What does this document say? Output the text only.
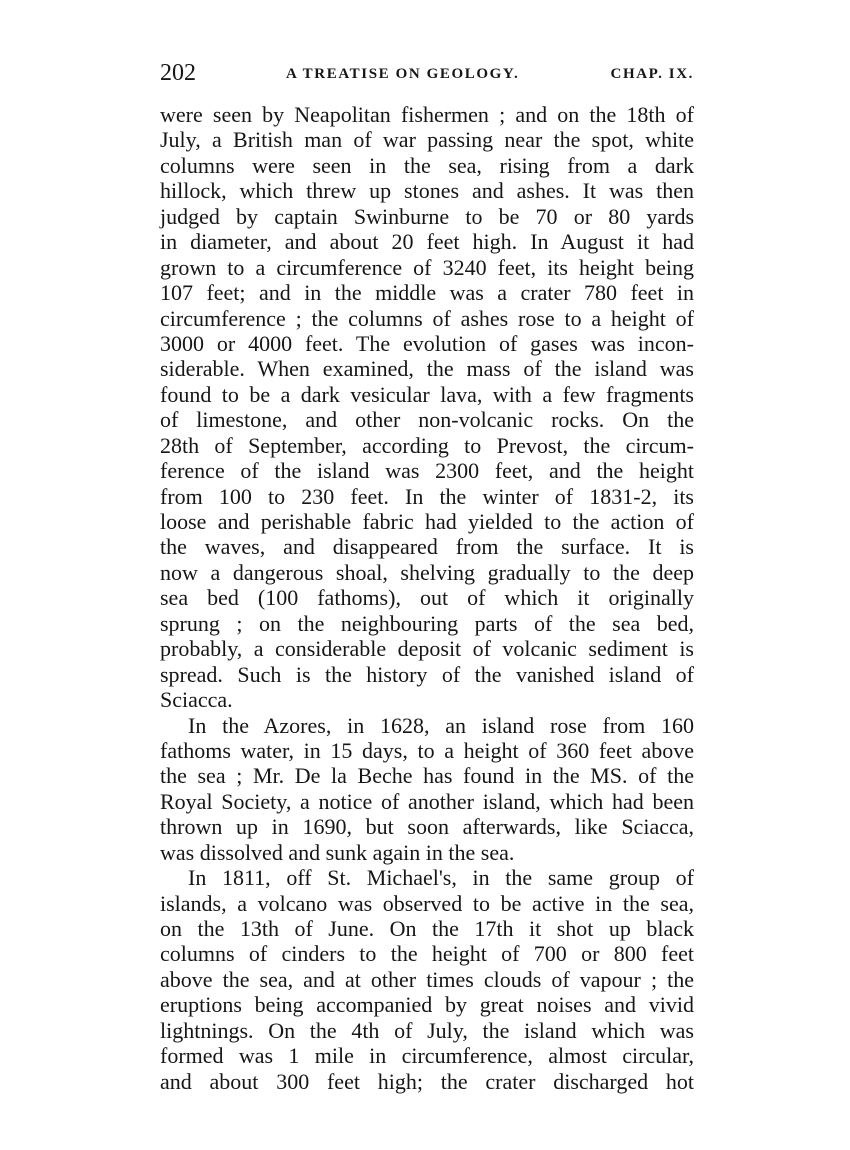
202	A TREATISE ON GEOLOGY.	CHAP. IX.
were seen by Neapolitan fishermen ; and on the 18th of
July, a British man of war passing near the spot, white
columns were seen in the sea, rising from a dark
hillock, which threw up stones and ashes. It was then
judged by captain Swinburne to be 70 or 80 yards
in diameter, and about 20 feet high. In August it had
grown to a circumference of 3240 feet, its height being
107 feet; and in the middle was a crater 780 feet in
circumference ; the columns of ashes rose to a height of
3000 or 4000 feet. The evolution of gases was incon-
siderable. When examined, the mass of the island was
found to be a dark vesicular lava, with a few fragments
of limestone, and other non-volcanic rocks. On the
28th of September, according to Prevost, the circum-
ference of the island was 2300 feet, and the height
from 100 to 230 feet. In the winter of 1831-2, its
loose and perishable fabric had yielded to the action of
the waves, and disappeared from the surface. It is
now a dangerous shoal, shelving gradually to the deep
sea bed (100 fathoms), out of which it originally
sprung ; on the neighbouring parts of the sea bed,
probably, a considerable deposit of volcanic sediment is
spread. Such is the history of the vanished island of
Sciacca.
In the Azores, in 1628, an island rose from 160
fathoms water, in 15 days, to a height of 360 feet above
the sea ; Mr. De la Beche has found in the MS. of the
Royal Society, a notice of another island, which had been
thrown up in 1690, but soon afterwards, like Sciacca,
was dissolved and sunk again in the sea.
In 1811, off St. Michael's, in the same group of
islands, a volcano was observed to be active in the sea,
on the 13th of June. On the 17th it shot up black
columns of cinders to the height of 700 or 800 feet
above the sea, and at other times clouds of vapour ; the
eruptions being accompanied by great noises and vivid
lightnings. On the 4th of July, the island which was
formed was 1 mile in circumference, almost circular,
and about 300 feet high; the crater discharged hot
